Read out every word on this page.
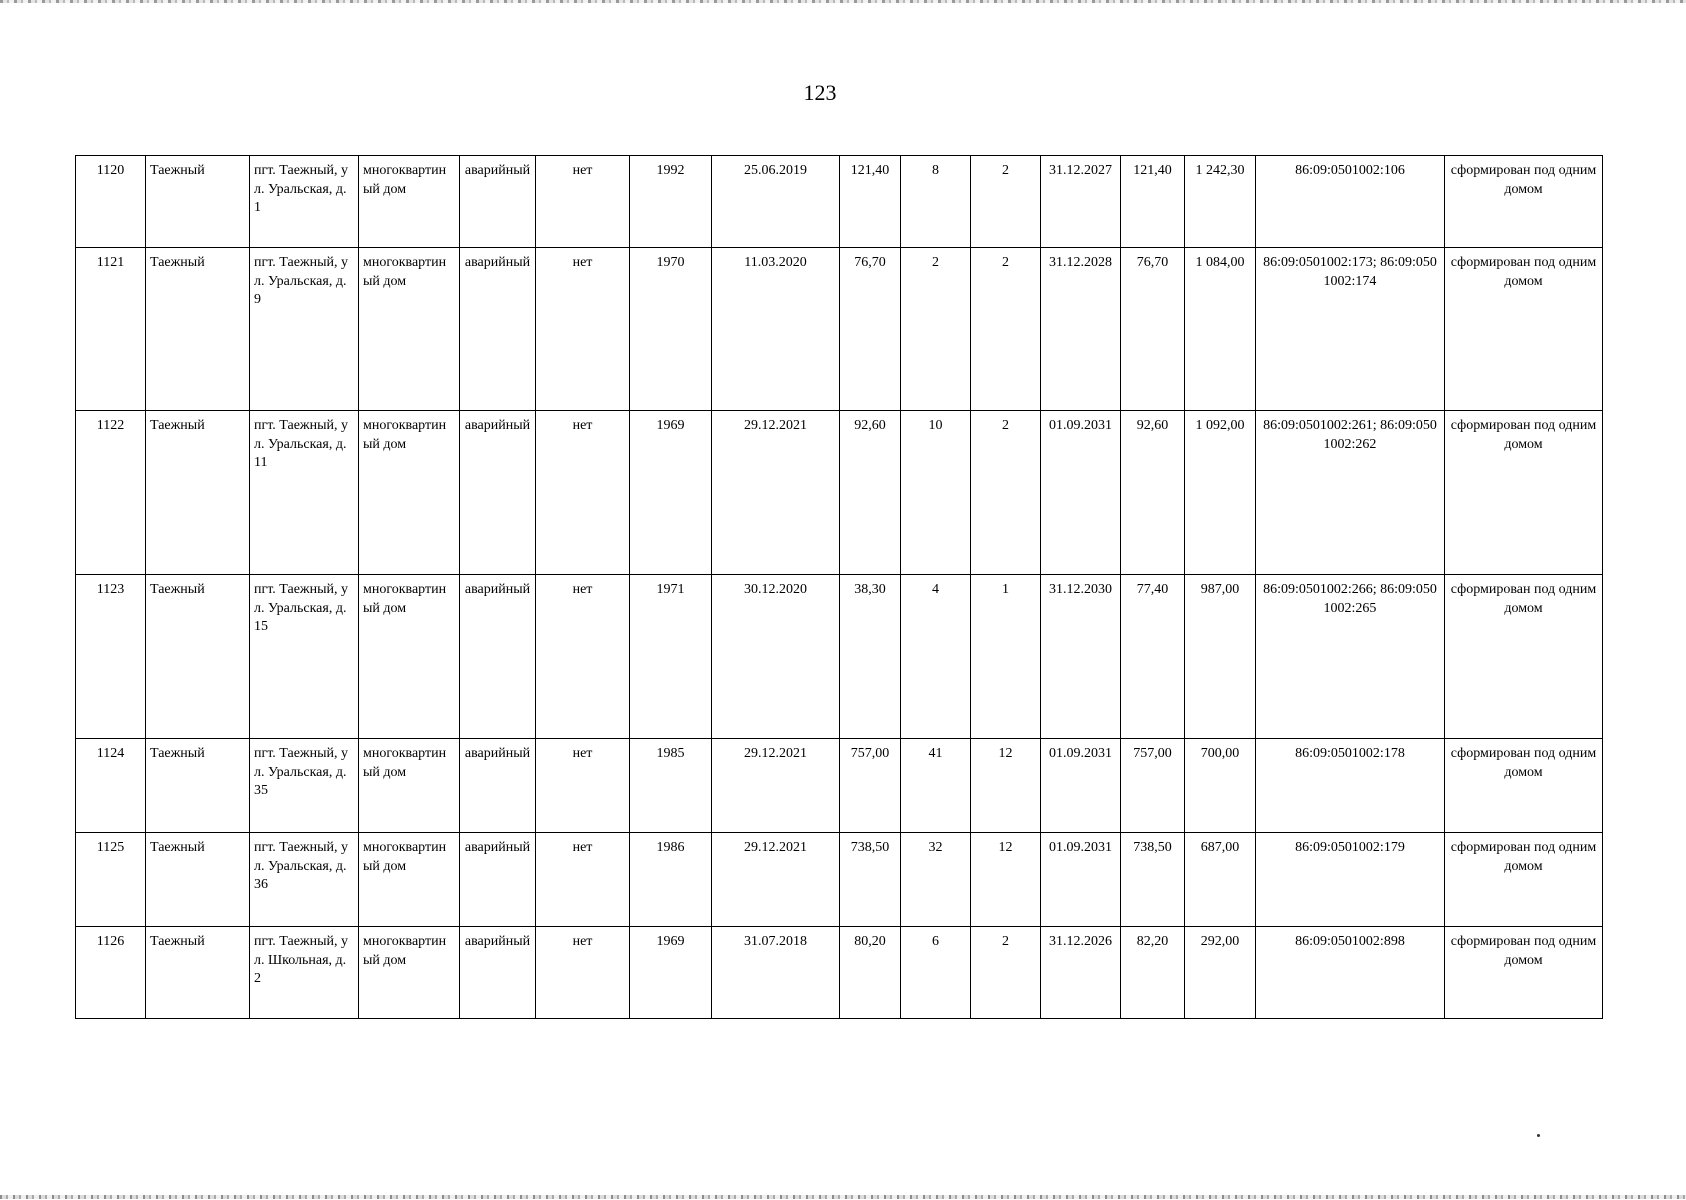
123
1120	Таежный	пгт. Таежный, ул. Уральская, д. 1	многоквартиный дом	аварийный	нет	1992	25.06.2019	121,40	8	2	31.12.2027	121,40	1 242,30	86:09:0501002:106	сформирован под одним домом
1121	Таежный	пгт. Таежный, ул. Уральская, д. 9	многоквартиный дом	аварийный	нет	1970	11.03.2020	76,70	2	2	31.12.2028	76,70	1 084,00	86:09:0501002:173; 86:09:0501002:174	сформирован под одним домом
1122	Таежный	пгт. Таежный, ул. Уральская, д. 11	многоквартиный дом	аварийный	нет	1969	29.12.2021	92,60	10	2	01.09.2031	92,60	1 092,00	86:09:0501002:261; 86:09:0501002:262	сформирован под одним домом
1123	Таежный	пгт. Таежный, ул. Уральская, д. 15	многоквартиный дом	аварийный	нет	1971	30.12.2020	38,30	4	1	31.12.2030	77,40	987,00	86:09:0501002:266; 86:09:0501002:265	сформирован под одним домом
1124	Таежный	пгт. Таежный, ул. Уральская, д. 35	многоквартиный дом	аварийный	нет	1985	29.12.2021	757,00	41	12	01.09.2031	757,00	700,00	86:09:0501002:178	сформирован под одним домом
1125	Таежный	пгт. Таежный, ул. Уральская, д. 36	многоквартиный дом	аварийный	нет	1986	29.12.2021	738,50	32	12	01.09.2031	738,50	687,00	86:09:0501002:179	сформирован под одним домом
1126	Таежный	пгт. Таежный, ул. Школьная, д. 2	многоквартиный дом	аварийный	нет	1969	31.07.2018	80,20	6	2	31.12.2026	82,20	292,00	86:09:0501002:898	сформирован под одним домом
